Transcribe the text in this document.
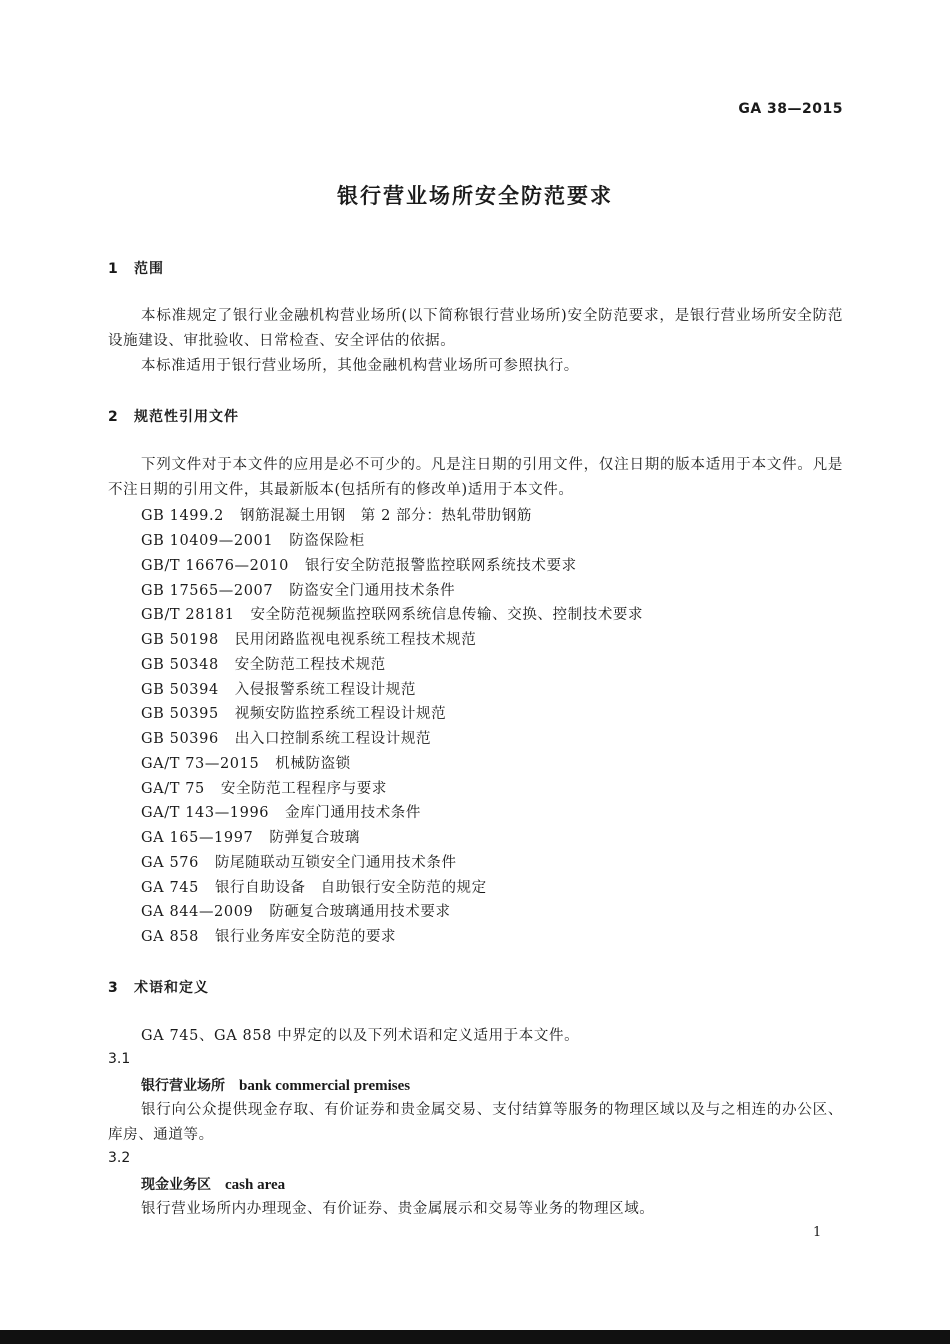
GA 38—2015
银行营业场所安全防范要求
1 范围
本标准规定了银行业金融机构营业场所(以下简称银行营业场所)安全防范要求，是银行营业场所安全防范设施建设、审批验收、日常检查、安全评估的依据。
本标准适用于银行营业场所，其他金融机构营业场所可参照执行。
2 规范性引用文件
下列文件对于本文件的应用是必不可少的。凡是注日期的引用文件，仅注日期的版本适用于本文件。凡是不注日期的引用文件，其最新版本(包括所有的修改单)适用于本文件。
GB 1499.2 钢筋混凝土用钢　第 2 部分：热轧带肋钢筋
GB 10409—2001 防盗保险柜
GB/T 16676—2010 银行安全防范报警监控联网系统技术要求
GB 17565—2007 防盗安全门通用技术条件
GB/T 28181 安全防范视频监控联网系统信息传输、交换、控制技术要求
GB 50198 民用闭路监视电视系统工程技术规范
GB 50348 安全防范工程技术规范
GB 50394 入侵报警系统工程设计规范
GB 50395 视频安防监控系统工程设计规范
GB 50396 出入口控制系统工程设计规范
GA/T 73—2015 机械防盗锁
GA/T 75 安全防范工程程序与要求
GA/T 143—1996 金库门通用技术条件
GA 165—1997 防弹复合玻璃
GA 576 防尾随联动互锁安全门通用技术条件
GA 745 银行自助设备　自助银行安全防范的规定
GA 844—2009 防砸复合玻璃通用技术要求
GA 858 银行业务库安全防范的要求
3 术语和定义
GA 745、GA 858 中界定的以及下列术语和定义适用于本文件。
3.1
银行营业场所 bank commercial premises
银行向公众提供现金存取、有价证券和贵金属交易、支付结算等服务的物理区域以及与之相连的办公区、库房、通道等。
3.2
现金业务区 cash area
银行营业场所内办理现金、有价证券、贵金属展示和交易等业务的物理区域。
1
